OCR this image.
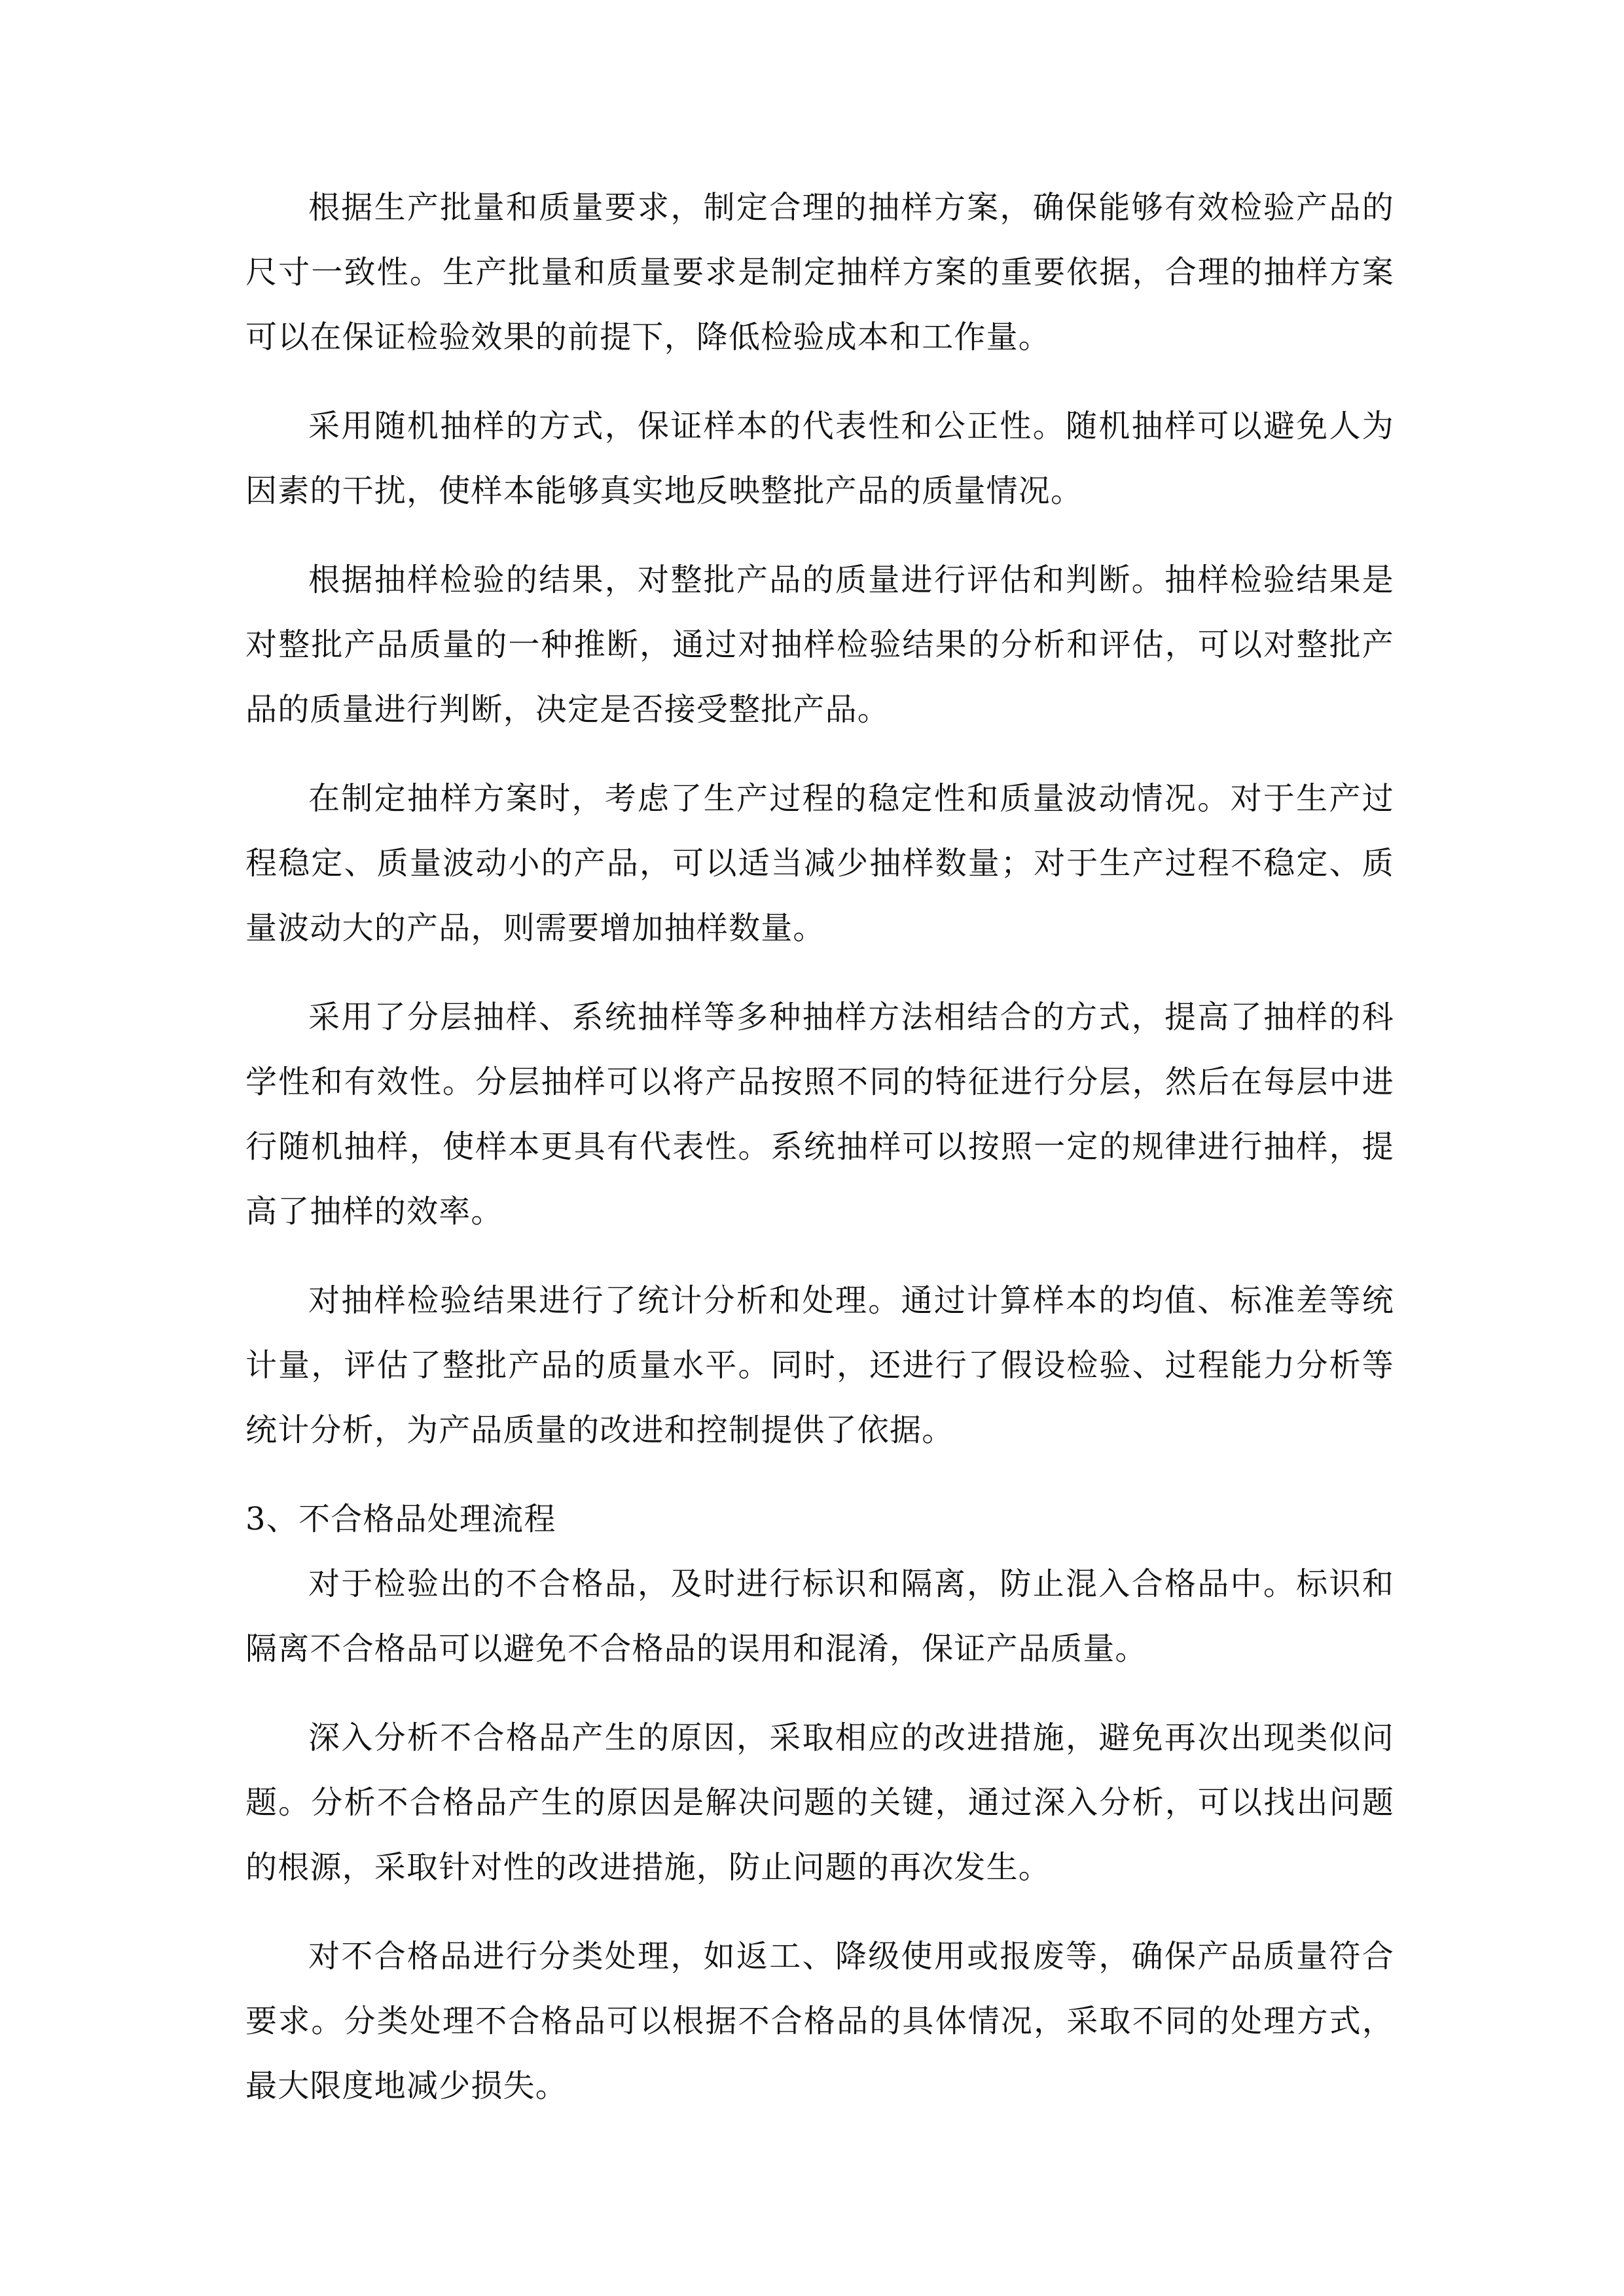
根据生产批量和质量要求，制定合理的抽样方案，确保能够有效检验产品的尺寸一致性。生产批量和质量要求是制定抽样方案的重要依据，合理的抽样方案可以在保证检验效果的前提下，降低检验成本和工作量。

采用随机抽样的方式，保证样本的代表性和公正性。随机抽样可以避免人为因素的干扰，使样本能够真实地反映整批产品的质量情况。

根据抽样检验的结果，对整批产品的质量进行评估和判断。抽样检验结果是对整批产品质量的一种推断，通过对抽样检验结果的分析和评估，可以对整批产品的质量进行判断，决定是否接受整批产品。

在制定抽样方案时，考虑了生产过程的稳定性和质量波动情况。对于生产过程稳定、质量波动小的产品，可以适当减少抽样数量；对于生产过程不稳定、质量波动大的产品，则需要增加抽样数量。

采用了分层抽样、系统抽样等多种抽样方法相结合的方式，提高了抽样的科学性和有效性。分层抽样可以将产品按照不同的特征进行分层，然后在每层中进行随机抽样，使样本更具有代表性。系统抽样可以按照一定的规律进行抽样，提高了抽样的效率。

对抽样检验结果进行了统计分析和处理。通过计算样本的均值、标准差等统计量，评估了整批产品的质量水平。同时，还进行了假设检验、过程能力分析等统计分析，为产品质量的改进和控制提供了依据。

3、不合格品处理流程

对于检验出的不合格品，及时进行标识和隔离，防止混入合格品中。标识和隔离不合格品可以避免不合格品的误用和混淆，保证产品质量。

深入分析不合格品产生的原因，采取相应的改进措施，避免再次出现类似问题。分析不合格品产生的原因是解决问题的关键，通过深入分析，可以找出问题的根源，采取针对性的改进措施，防止问题的再次发生。

对不合格品进行分类处理，如返工、降级使用或报废等，确保产品质量符合要求。分类处理不合格品可以根据不合格品的具体情况，采取不同的处理方式，最大限度地减少损失。
